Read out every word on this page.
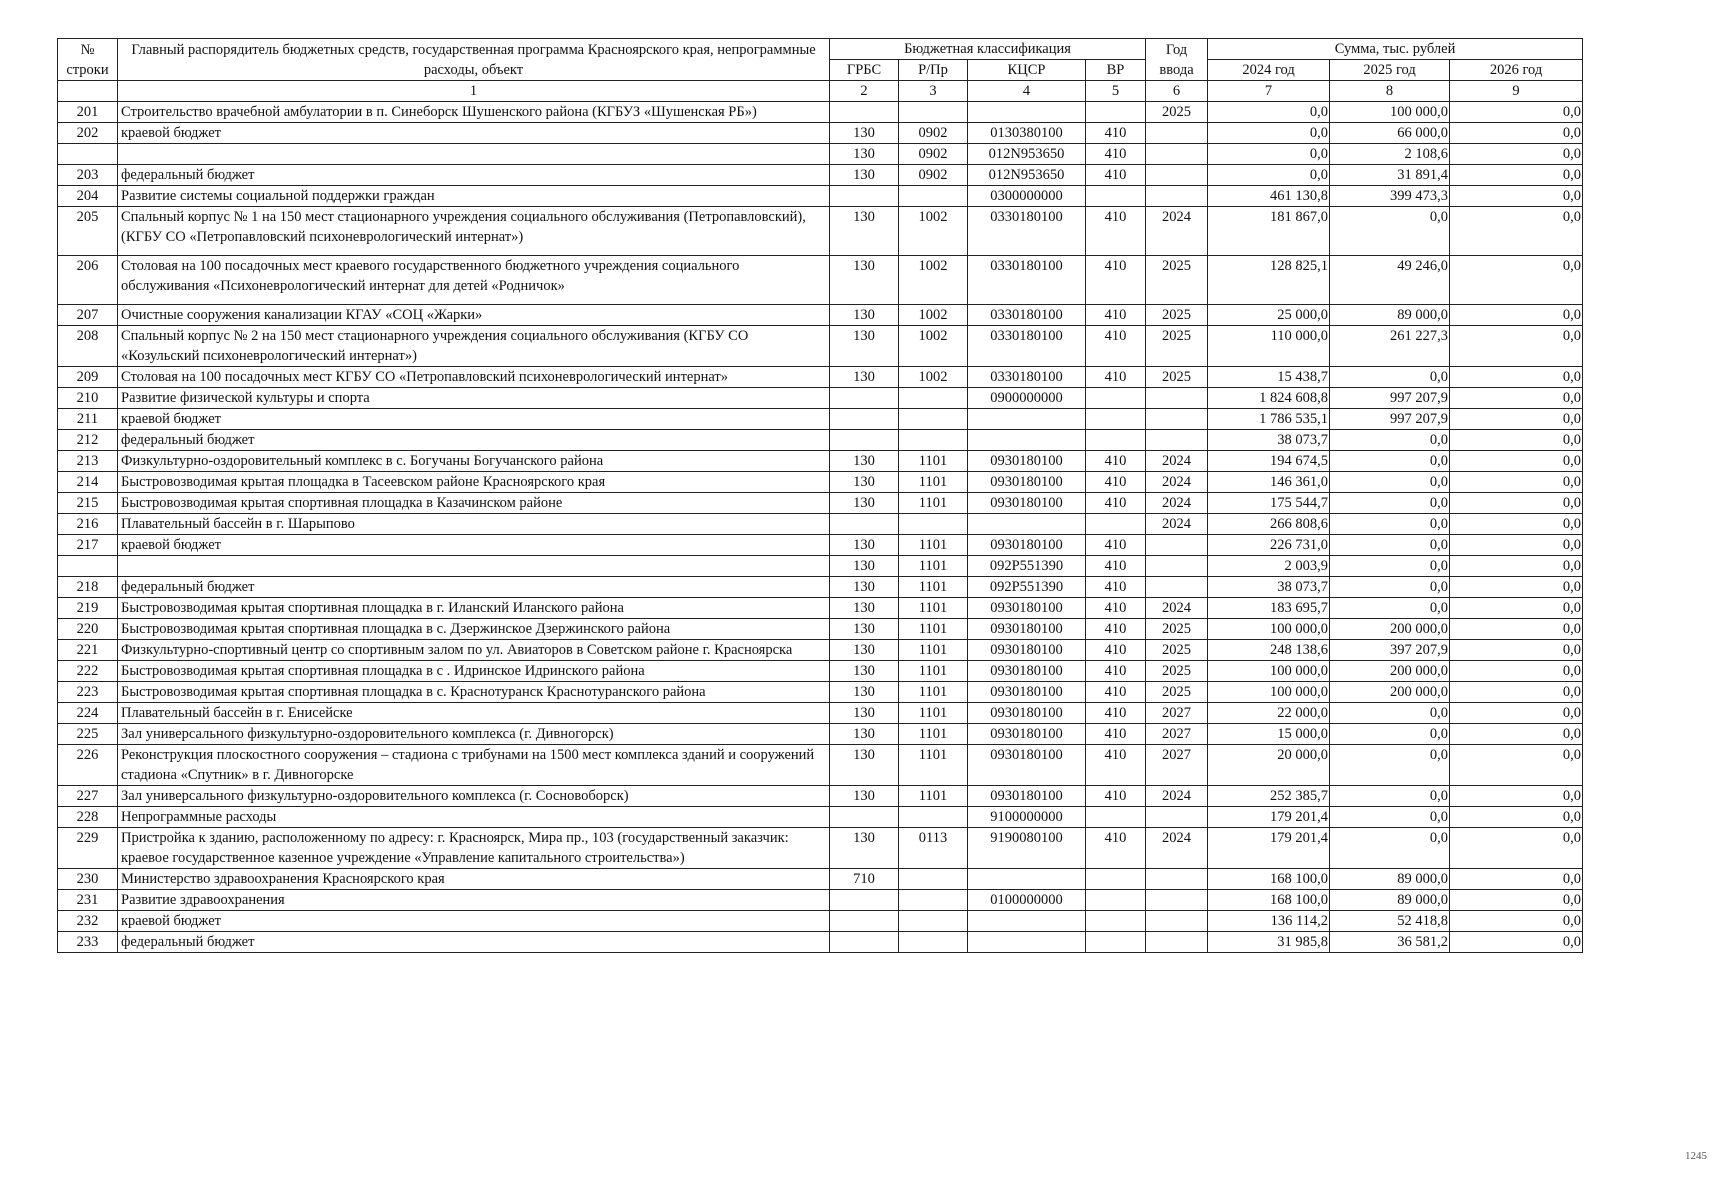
№ строки	Главный распорядитель бюджетных средств, государственная программа Красноярского края, непрограммные расходы, объект	Бюджетная классификация				Год ввода	Сумма, тыс. рублей		
		ГРБС	Р/Пр	КЦСР	ВР		2024 год	2025 год	2026 год
	1	2	3	4	5	6	7	8	9
201	Строительство врачебной амбулатории в п. Синеборск Шушенского района (КГБУЗ «Шушенская РБ»)					2025	0,0	100 000,0	0,0
202	краевой бюджет	130	0902	0130380100	410		0,0	66 000,0	0,0
		130	0902	012N953650	410		0,0	2 108,6	0,0
203	федеральный бюджет	130	0902	012N953650	410		0,0	31 891,4	0,0
204	Развитие системы социальной поддержки граждан			0300000000			461 130,8	399 473,3	0,0
205	Спальный корпус № 1 на 150 мест стационарного учреждения социального обслуживания (Петропавловский), (КГБУ СО «Петропавловский психоневрологический интернат»)	130	1002	0330180100	410	2024	181 867,0	0,0	0,0
206	Столовая на 100 посадочных мест краевого государственного бюджетного учреждения социального обслуживания «Психоневрологический интернат для детей «Родничок»	130	1002	0330180100	410	2025	128 825,1	49 246,0	0,0
207	Очистные сооружения канализации КГАУ «СОЦ «Жарки»	130	1002	0330180100	410	2025	25 000,0	89 000,0	0,0
208	Спальный корпус № 2 на 150 мест стационарного учреждения социального обслуживания (КГБУ СО «Козульский психоневрологический интернат»)	130	1002	0330180100	410	2025	110 000,0	261 227,3	0,0
209	Столовая на 100 посадочных мест КГБУ СО «Петропавловский психоневрологический интернат»	130	1002	0330180100	410	2025	15 438,7	0,0	0,0
210	Развитие физической культуры и спорта			0900000000			1 824 608,8	997 207,9	0,0
211	краевой бюджет						1 786 535,1	997 207,9	0,0
212	федеральный бюджет						38 073,7	0,0	0,0
213	Физкультурно-оздоровительный комплекс в с. Богучаны Богучанского района	130	1101	0930180100	410	2024	194 674,5	0,0	0,0
214	Быстровозводимая крытая площадка в Тасеевском районе Красноярского края	130	1101	0930180100	410	2024	146 361,0	0,0	0,0
215	Быстровозводимая крытая спортивная площадка в Казачинском районе	130	1101	0930180100	410	2024	175 544,7	0,0	0,0
216	Плавательный бассейн в г. Шарыпово					2024	266 808,6	0,0	0,0
217	краевой бюджет	130	1101	0930180100	410		226 731,0	0,0	0,0
		130	1101	092P551390	410		2 003,9	0,0	0,0
218	федеральный бюджет	130	1101	092P551390	410		38 073,7	0,0	0,0
219	Быстровозводимая крытая спортивная площадка в г. Иланский Иланского района	130	1101	0930180100	410	2024	183 695,7	0,0	0,0
220	Быстровозводимая крытая спортивная площадка в с. Дзержинское Дзержинского района	130	1101	0930180100	410	2025	100 000,0	200 000,0	0,0
221	Физкультурно-спортивный центр со спортивным залом по ул. Авиаторов в Советском районе г. Красноярска	130	1101	0930180100	410	2025	248 138,6	397 207,9	0,0
222	Быстровозводимая крытая спортивная площадка в с . Идринское Идринского района	130	1101	0930180100	410	2025	100 000,0	200 000,0	0,0
223	Быстровозводимая крытая спортивная площадка в с. Краснотуранск Краснотуранского района	130	1101	0930180100	410	2025	100 000,0	200 000,0	0,0
224	Плавательный бассейн в г. Енисейске	130	1101	0930180100	410	2027	22 000,0	0,0	0,0
225	Зал универсального физкультурно-оздоровительного комплекса (г. Дивногорск)	130	1101	0930180100	410	2027	15 000,0	0,0	0,0
226	Реконструкция плоскостного сооружения – стадиона с трибунами на 1500 мест комплекса зданий и сооружений стадиона «Спутник» в г. Дивногорске	130	1101	0930180100	410	2027	20 000,0	0,0	0,0
227	Зал универсального физкультурно-оздоровительного комплекса (г. Сосновоборск)	130	1101	0930180100	410	2024	252 385,7	0,0	0,0
228	Непрограммные расходы			9100000000			179 201,4	0,0	0,0
229	Пристройка к зданию, расположенному по адресу: г. Красноярск, Мира пр., 103 (государственный заказчик: краевое государственное казенное учреждение «Управление капитального строительства»)	130	0113	9190080100	410	2024	179 201,4	0,0	0,0
230	Министерство здравоохранения Красноярского края	710					168 100,0	89 000,0	0,0
231	Развитие здравоохранения			0100000000			168 100,0	89 000,0	0,0
232	краевой бюджет						136 114,2	52 418,8	0,0
233	федеральный бюджет						31 985,8	36 581,2	0,0
1245
